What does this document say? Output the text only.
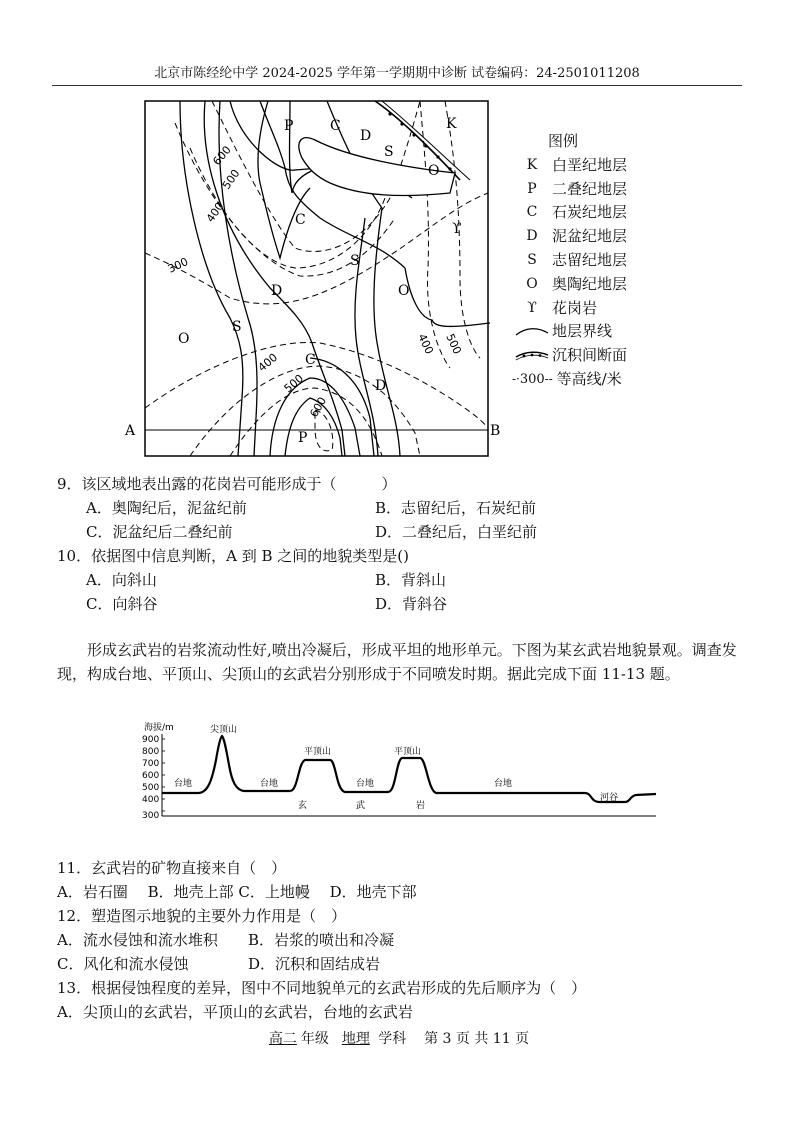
北京市陈经纶中学 2024-2025 学年第一学期期中诊断 试卷编码：24-2501011208
P	C
D
S
K
O
ϒ
C
S
D	O
O
S
C
D
P
600
500
400
300
400
500
400 500
600
A	B
图例
K 白垩纪地层
P	二叠纪地层
C 石炭纪地层
D 泥盆纪地层
S	志留纪地层
O 奥陶纪地层
ϒ	花岗岩
地层界线
沉积间断面
-· 300 -- 等高线/米
9．该区域地表出露的花岗岩可能形成于（　　　）
A．奥陶纪后，泥盆纪前	B．志留纪后，石炭纪前
C．泥盆纪后二叠纪前	D．二叠纪后，白垩纪前
10．依据图中信息判断，A 到 B 之间的地貌类型是()
A．向斜山	B．背斜山
C．向斜谷	D．背斜谷
形成玄武岩的岩浆流动性好,喷出冷凝后，形成平坦的地形单元。下图为某玄武岩地貌景观。调查发现，构成台地、平顶山、尖顶山的玄武岩分别形成于不同喷发时期。据此完成下面 11-13 题。
海拔/m
900
800
700
600
500
400
300
尖顶山
台地	台地
平顶山
台地
平顶山
台地
河谷
玄	武	岩
11．玄武岩的矿物直接来自（　）
A．岩石圈　 B．地壳上部 C．上地幔　 D．地壳下部
12．塑造图示地貌的主要外力作用是（　）
A．流水侵蚀和流水堆积 B．岩浆的喷出和冷凝
C．风化和流水侵蚀	D．沉积和固结成岩
13．根据侵蚀程度的差异，图中不同地貌单元的玄武岩形成的先后顺序为（　）
A．尖顶山的玄武岩，平顶山的玄武岩，台地的玄武岩
高二 年级 地理 学科 第 3 页 共 11 页
